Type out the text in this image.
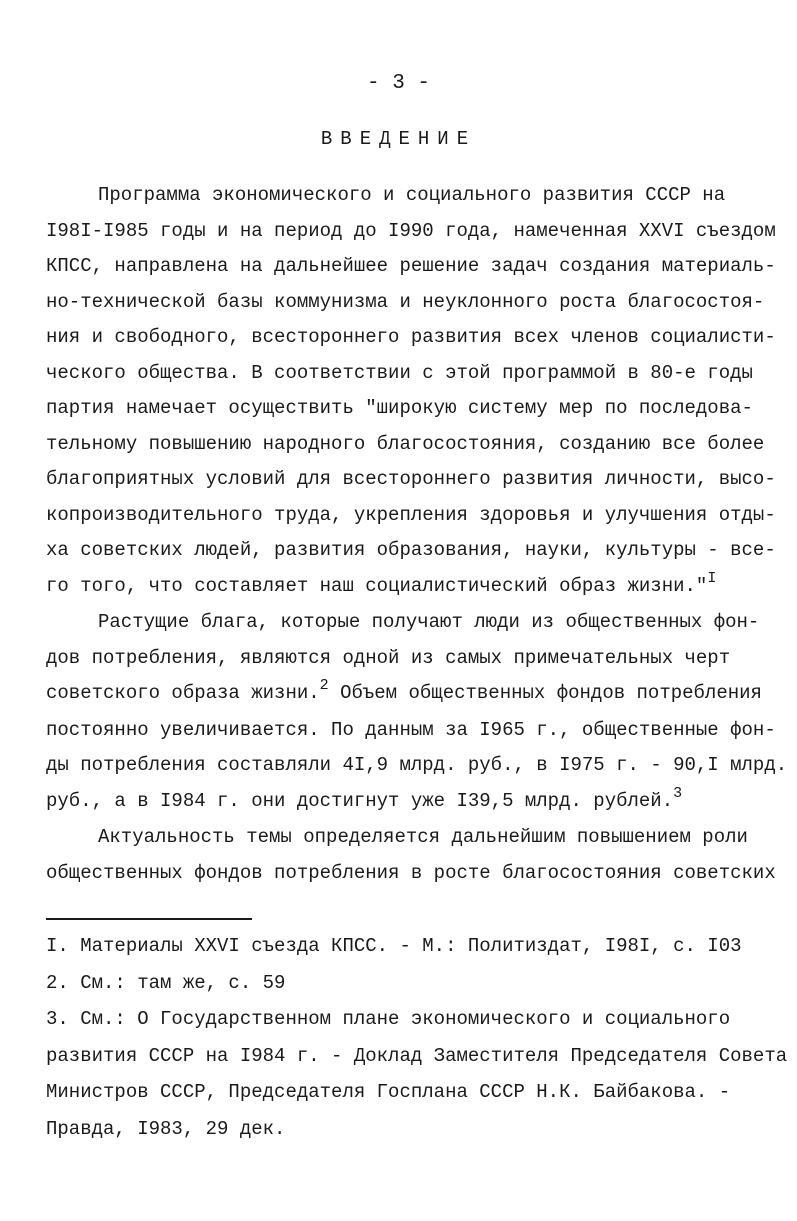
- 3 -
ВВЕДЕНИЕ
Программа экономического и социального развития СССР на
I98I-I985 годы и на период до I990 года, намеченная XXVI съездом
КПСС, направлена на дальнейшее решение задач создания материаль-
но-технической базы коммунизма и неуклонного роста благосостоя-
ния и свободного, всестороннего развития всех членов социалисти-
ческого общества. В соответствии с этой программой в 80-е годы
партия намечает осуществить "широкую систему мер по последова-
тельному повышению народного благосостояния, созданию все более
благоприятных условий для всестороннего развития личности, высо-
копроизводительного труда, укрепления здоровья и улучшения отды-
ха советских людей, развития образования, науки, культуры - все-
го того, что составляет наш социалистический образ жизни."$^I$
Растущие блага, которые получают люди из общественных фон-
дов потребления, являются одной из самых примечательных черт
советского образа жизни.$^2$ Объем общественных фондов потребления
постоянно увеличивается. По данным за I965 г., общественные фон-
ды потребления составляли 4I,9 млрд. руб., в I975 г. - 90,I млрд.
руб., а в I984 г. они достигнут уже I39,5 млрд. рублей.$^3$
Актуальность темы определяется дальнейшим повышением роли
общественных фондов потребления в росте благосостояния советских
I. Материалы XXVI съезда КПСС. - М.: Политиздат, I98I, с. I03
2. См.: там же, с. 59
3. См.: О Государственном плане экономического и социального
развития СССР на I984 г. - Доклад Заместителя Председателя Совета
Министров СССР, Председателя Госплана СССР Н.К. Байбакова. -
Правда, I983, 29 дек.
